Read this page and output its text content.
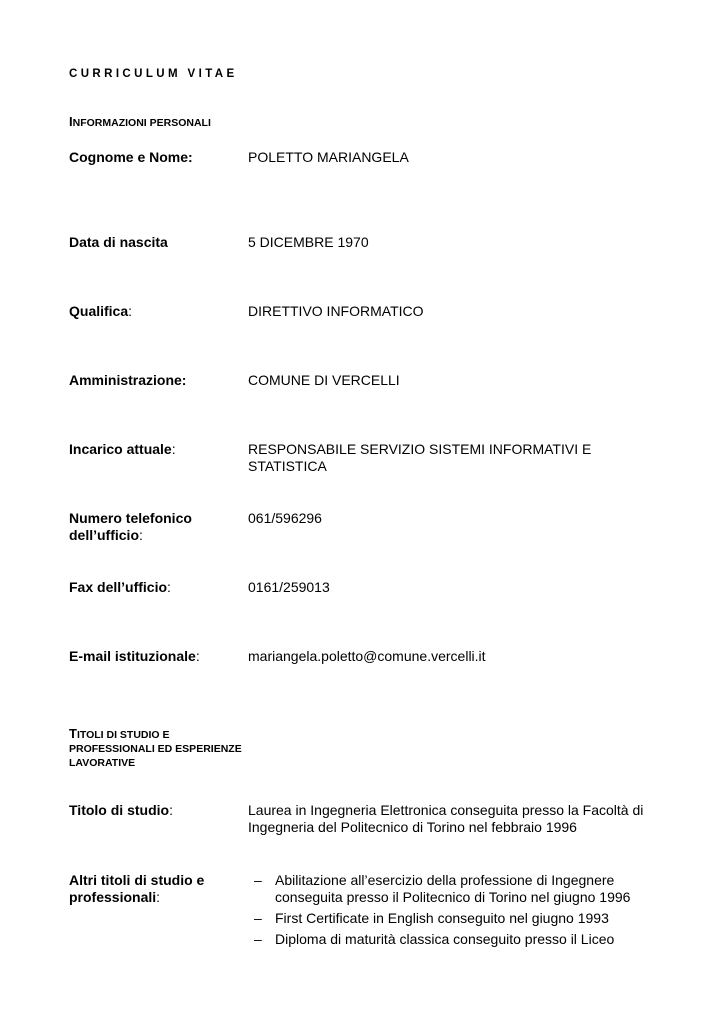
CURRICULUM VITAE
INFORMAZIONI PERSONALI
Cognome e Nome:	POLETTO MARIANGELA
Data di nascita	5 DICEMBRE 1970
Qualifica:	DIRETTIVO INFORMATICO
Amministrazione:	COMUNE DI VERCELLI
Incarico attuale:	RESPONSABILE SERVIZIO SISTEMI INFORMATIVI E STATISTICA
Numero telefonico dell’ufficio:
061/596296
Fax dell’ufficio:	0161/259013
E-mail istituzionale:	mariangela.poletto@comune.vercelli.it
TITOLI DI STUDIO E
PROFESSIONALI ED ESPERIENZE
LAVORATIVE
Titolo di studio:	Laurea in Ingegneria Elettronica conseguita presso la Facoltà di Ingegneria del Politecnico di Torino nel febbraio 1996
Altri titoli di studio e professionali:
– Abilitazione all’esercizio della professione di Ingegnere conseguita presso il Politecnico di Torino nel giugno 1996
– First Certificate in English conseguito nel giugno 1993
– Diploma di maturità classica conseguito presso il Liceo
